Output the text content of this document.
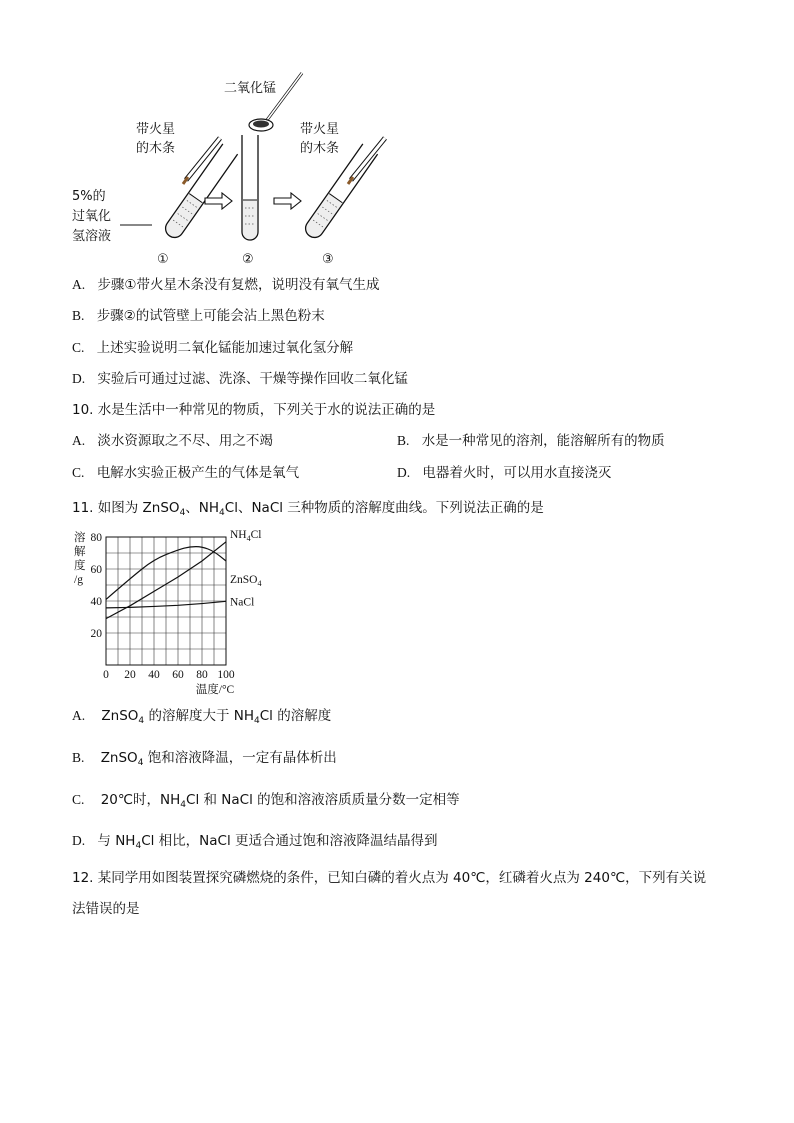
二氧化锰
带火星
的木条
带火星
的木条
5%的
过氧化
氢溶液
①	②	③
A. 步骤①带火星木条没有复燃，说明没有氧气生成
B. 步骤②的试管壁上可能会沾上黑色粉末
C. 上述实验说明二氧化锰能加速过氧化氢分解
D. 实验后可通过过滤、洗涤、干燥等操作回收二氧化锰
10. 水是生活中一种常见的物质，下列关于水的说法正确的是
A. 淡水资源取之不尽、用之不竭	B. 水是一种常见的溶剂，能溶解所有的物质
C. 电解水实验正极产生的气体是氧气	D. 电器着火时，可以用水直接浇灭
11. 如图为 ZnSO$_4$、$NH_4Cl$、NaCl 三种物质的溶解度曲线。下列说法正确的是
0 20 40 60 80 100
20
40
60
80	$NH_4Cl$
ZnSO$_4$
NaCl
溶
解
度
/g
温度/°C
A. ZnSO$_4$ 的溶解度大于 $NH_4Cl$ 的溶解度
B. ZnSO$_4$ 饱和溶液降温，一定有晶体析出
C. 20℃时，$NH_4Cl$ 和 NaCl 的饱和溶液溶质质量分数一定相等
D. 与 $NH_4Cl$ 相比，NaCl 更适合通过饱和溶液降温结晶得到
12. 某同学用如图装置探究磷燃烧的条件，已知白磷的着火点为 40℃，红磷着火点为 240℃，下列有关说
法错误的是
